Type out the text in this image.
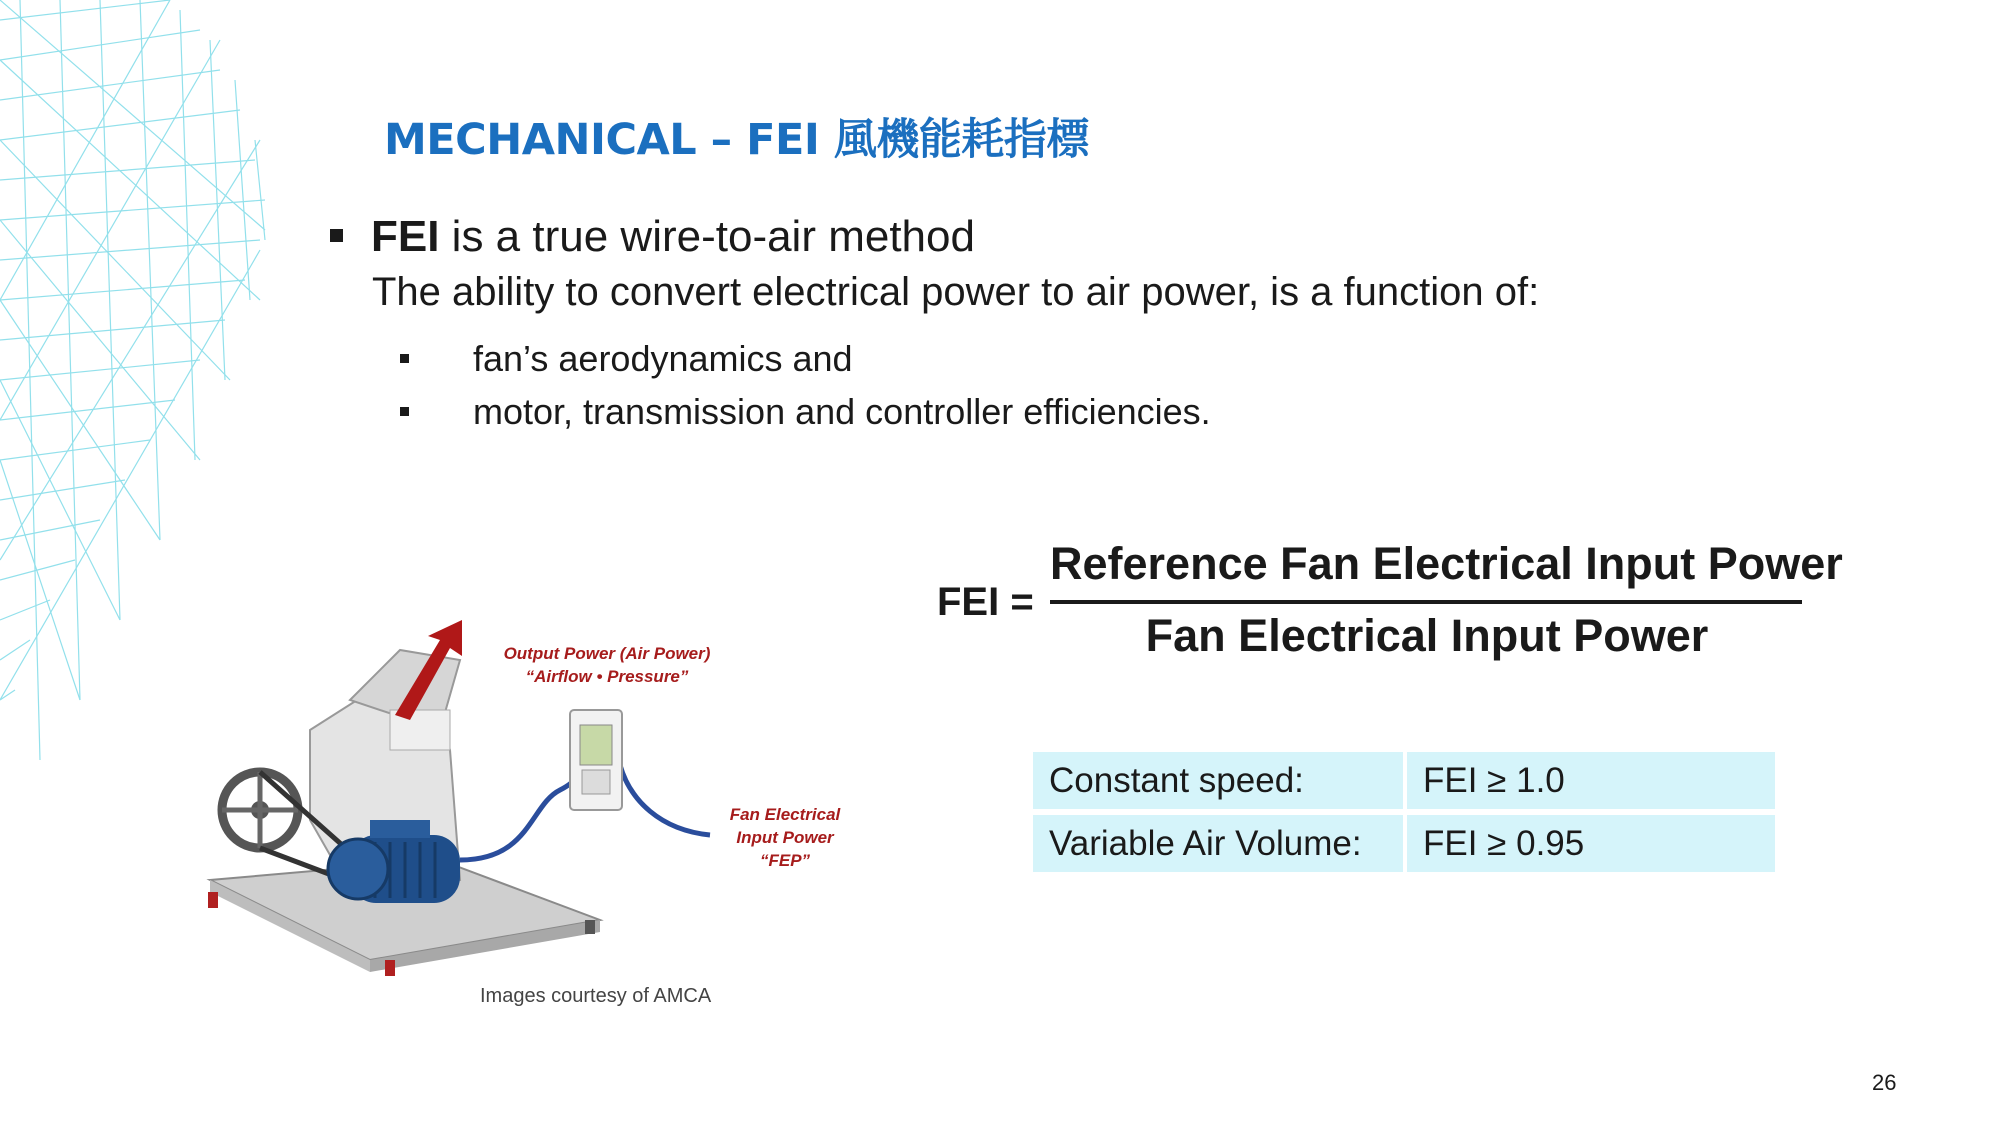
MECHANICAL – FEI 風機能耗指標
FEI is a true wire-to-air method
The ability to convert electrical power to air power, is a function of:
fan’s aerodynamics and
motor, transmission and controller efficiencies.
FEI =
Reference Fan Electrical Input Power
Fan Electrical Input Power
Constant speed:	FEI ≥ 1.0
Variable Air Volume:	FEI ≥ 0.95
Output Power (Air Power)
“Airflow • Pressure”
Fan Electrical
Input Power
“FEP”
Images courtesy of AMCA
26
